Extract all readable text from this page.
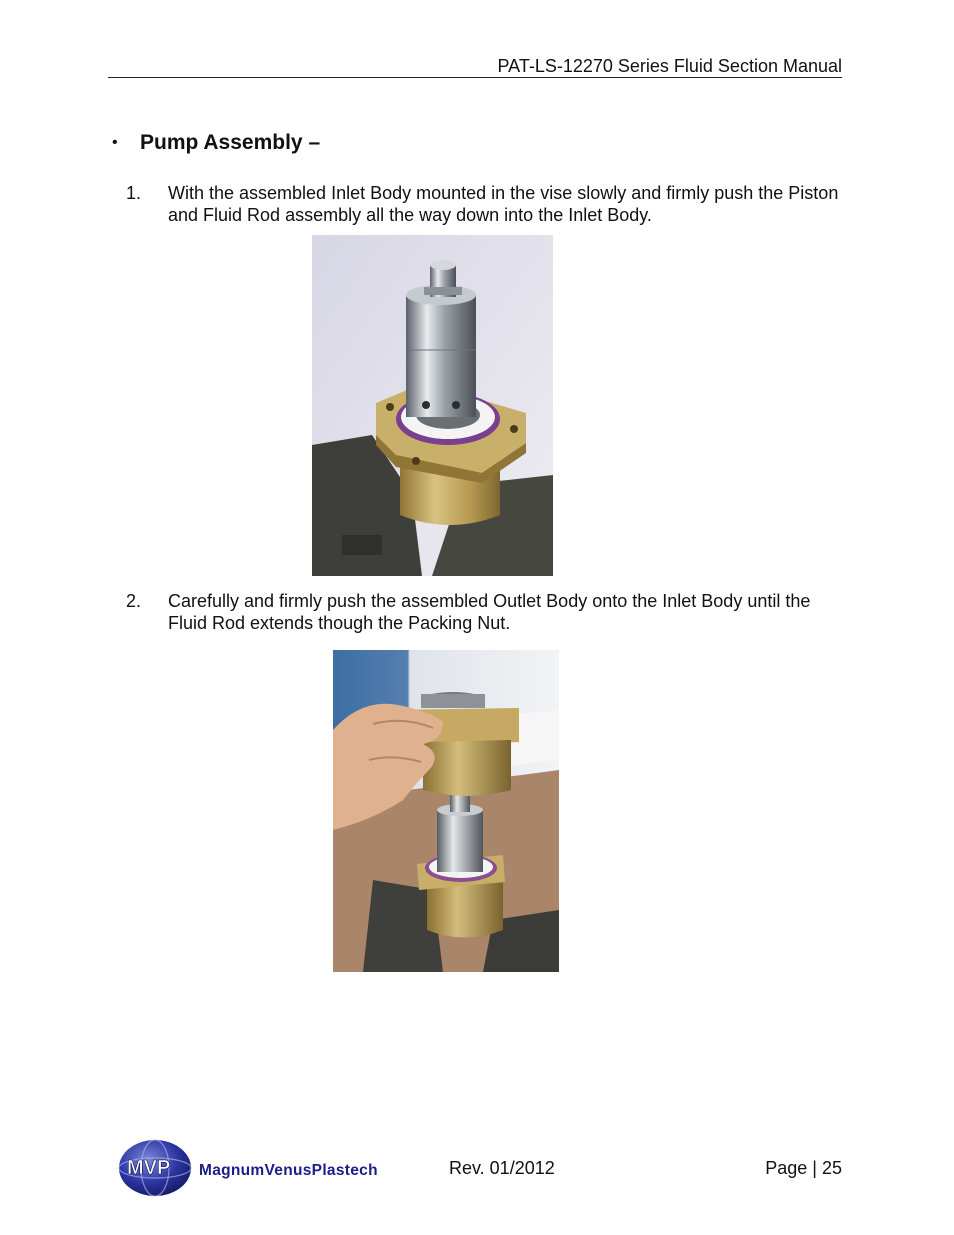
PAT-LS-12270 Series Fluid Section Manual
•	Pump Assembly –
1.	With the assembled Inlet Body mounted in the vise slowly and firmly push the Piston and Fluid Rod assembly all the way down into the Inlet Body.
2.	Carefully and firmly push the assembled Outlet Body onto the Inlet Body until the Fluid Rod extends though the Packing Nut.
MVP MagnumVenusPlastech	Rev. 01/2012	Page | 25
